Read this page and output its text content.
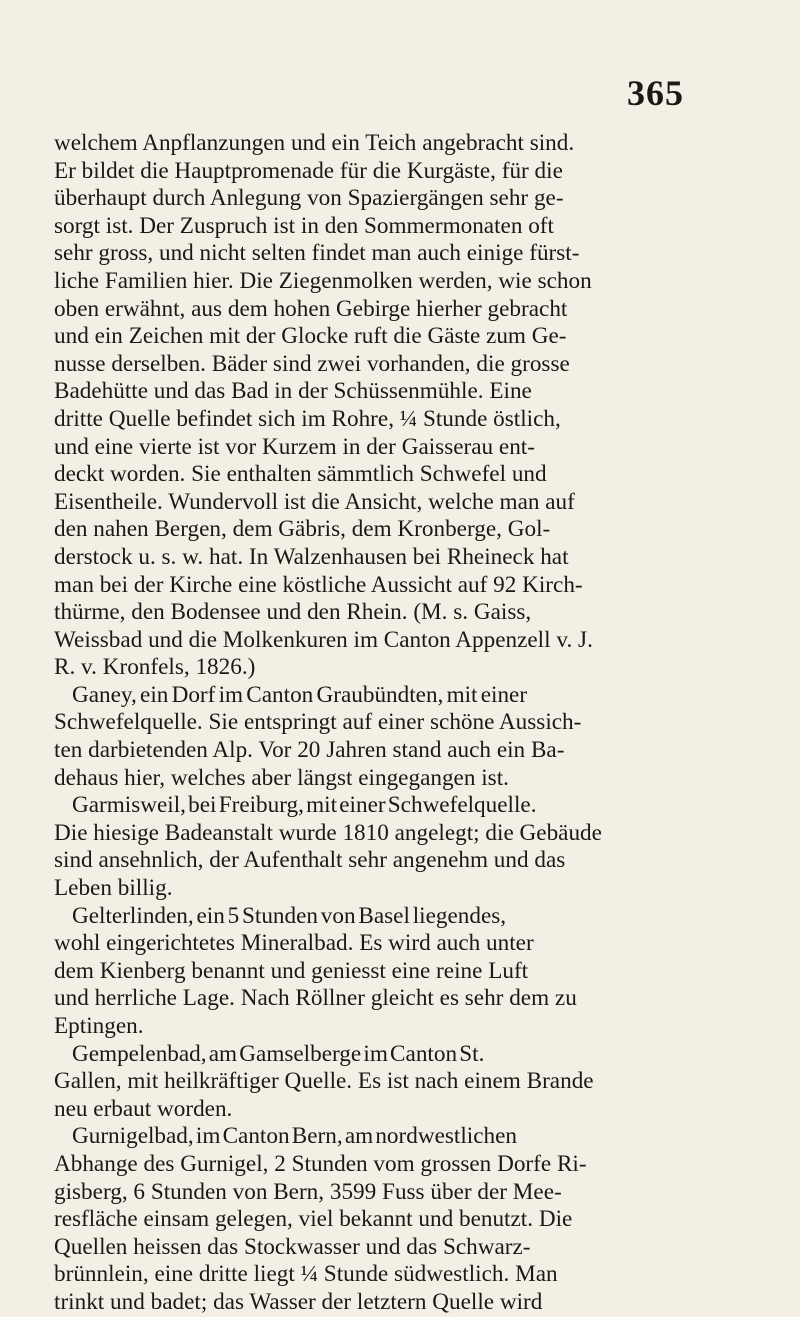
365
welchem Anpflanzungen und ein Teich angebracht sind.
Er bildet die Hauptpromenade für die Kurgäste, für die
überhaupt durch Anlegung von Spaziergängen sehr ge-
sorgt ist. Der Zuspruch ist in den Sommermonaten oft
sehr gross, und nicht selten findet man auch einige fürst-
liche Familien hier. Die Ziegenmolken werden, wie schon
oben erwähnt, aus dem hohen Gebirge hierher gebracht
und ein Zeichen mit der Glocke ruft die Gäste zum Ge-
nusse derselben. Bäder sind zwei vorhanden, die grosse
Badehütte und das Bad in der Schüssenmühle. Eine
dritte Quelle befindet sich im Rohre, ¼ Stunde östlich,
und eine vierte ist vor Kurzem in der Gaisserau ent-
deckt worden. Sie enthalten sämmtlich Schwefel und
Eisentheile. Wundervoll ist die Ansicht, welche man auf
den nahen Bergen, dem Gäbris, dem Kronberge, Gol-
derstock u. s. w. hat. In Walzenhausen bei Rheineck hat
man bei der Kirche eine köstliche Aussicht auf 92 Kirch-
thürme, den Bodensee und den Rhein. (M. s. Gaiss,
Weissbad und die Molkenkuren im Canton Appenzell v. J.
R. v. Kronfels, 1826.)
Ganey, ein Dorf im Canton Graubündten, mit einer
Schwefelquelle. Sie entspringt auf einer schöne Aussich-
ten darbietenden Alp. Vor 20 Jahren stand auch ein Ba-
dehaus hier, welches aber längst eingegangen ist.
Garmisweil, bei Freiburg, mit einer Schwefelquelle.
Die hiesige Badeanstalt wurde 1810 angelegt; die Gebäude
sind ansehnlich, der Aufenthalt sehr angenehm und das
Leben billig.
Gelterlinden, ein 5 Stunden von Basel liegendes,
wohl eingerichtetes Mineralbad. Es wird auch unter
dem Kienberg benannt und geniesst eine reine Luft
und herrliche Lage. Nach Röllner gleicht es sehr dem zu
Eptingen.
Gempelenbad, am Gamselberge im Canton St.
Gallen, mit heilkräftiger Quelle. Es ist nach einem Brande
neu erbaut worden.
Gurnigelbad, im Canton Bern, am nordwestlichen
Abhange des Gurnigel, 2 Stunden vom grossen Dorfe Ri-
gisberg, 6 Stunden von Bern, 3599 Fuss über der Mee-
resfläche einsam gelegen, viel bekannt und benutzt. Die
Quellen heissen das Stockwasser und das Schwarz-
brünnlein, eine dritte liegt ¼ Stunde südwestlich. Man
trinkt und badet; das Wasser der letztern Quelle wird
